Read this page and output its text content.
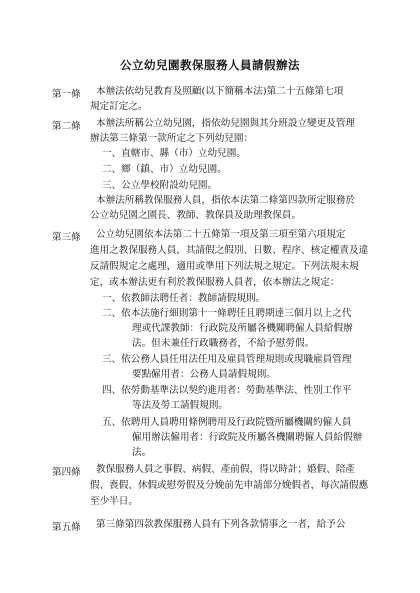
公立幼兒園教保服務人員請假辦法
第一條 本辦法依幼兒教育及照顧(以下簡稱本法)第二十五條第七項
規定訂定之。
第二條 本辦法所稱公立幼兒園，指依幼兒園與其分班設立變更及管理
辦法第三條第一款所定之下列幼兒園：
一、直轄市、縣（市）立幼兒園。
二、鄉（鎮、市）立幼兒園。
三、公立學校附設幼兒園。
本辦法所稱教保服務人員，指依本法第二條第四款所定服務於
公立幼兒園之園長、教師、教保員及助理教保員。
第三條 公立幼兒園依本法第二十五條第一項及第三項至第六項規定
進用之教保服務人員，其請假之假別、日數、程序、核定權責及違
反請假規定之處理，適用或準用下列法規之規定。下列法規未規
定，或本辦法更有利於教保服務人員者，依本辦法之規定：
一、依教師法聘任者：教師請假規則。
二、依本法施行細則第十一條聘任且聘期達三個月以上之代
理或代課教師：行政院及所屬各機關聘僱人員給假辦
法。但未兼任行政職務者，不給予慰勞假。
三、依公務人員任用法任用及雇員管理規則或現職雇員管理
要點僱用者：公務人員請假規則。
四、依勞動基準法以契約進用者：勞動基準法、性別工作平
等法及勞工請假規則。
五、依聘用人員聘用條例聘用及行政院暨所屬機關約僱人員
僱用辦法僱用者：行政院及所屬各機關聘僱人員給假辦
法。
第四條 教保服務人員之事假、病假、產前假，得以時計；婚假、陪產
假、喪假、休假或慰勞假及分娩前先申請部分娩假者，每次請假應
至少半日。
第五條 第三條第四款教保服務人員有下列各款情事之一者，給予公
